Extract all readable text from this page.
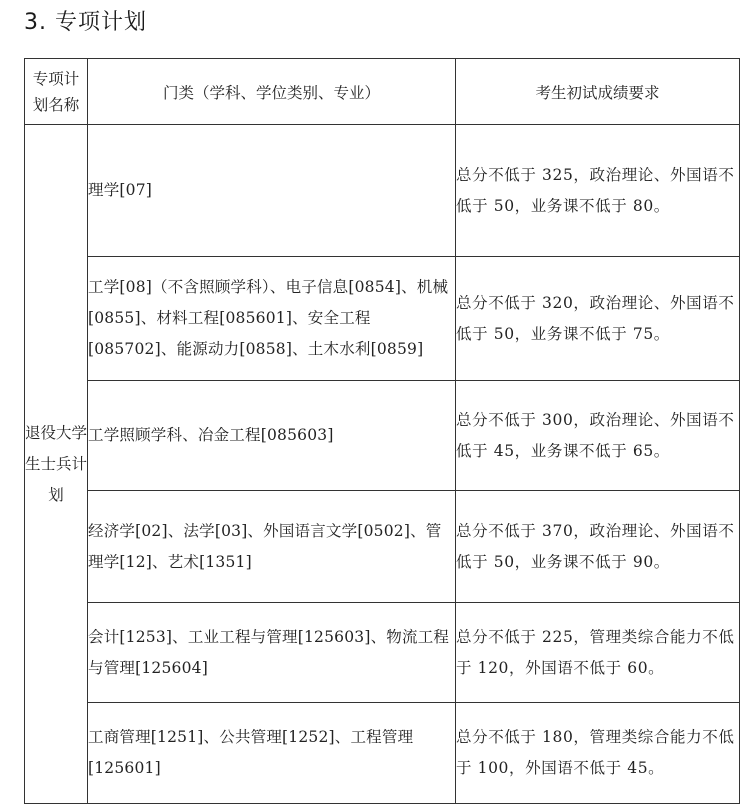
3. 专项计划
专项计划名称	门类（学科、学位类别、专业）	考生初试成绩要求
退役大学生士兵计划	理学[07]	总分不低于 325，政治理论、外国语不低于 50，业务课不低于 80。
	工学[08]（不含照顾学科）、电子信息[0854]、机械[0855]、材料工程[085601]、安全工程[085702]、能源动力[0858]、土木水利[0859]	总分不低于 320，政治理论、外国语不低于 50，业务课不低于 75。
	工学照顾学科、冶金工程[085603]	总分不低于 300，政治理论、外国语不低于 45，业务课不低于 65。
	经济学[02]、法学[03]、外国语言文学[0502]、管理学[12]、艺术[1351]	总分不低于 370，政治理论、外国语不低于 50，业务课不低于 90。
	会计[1253]、工业工程与管理[125603]、物流工程与管理[125604]	总分不低于 225，管理类综合能力不低于 120，外国语不低于 60。
	工商管理[1251]、公共管理[1252]、工程管理[125601]	总分不低于 180，管理类综合能力不低于 100，外国语不低于 45。
